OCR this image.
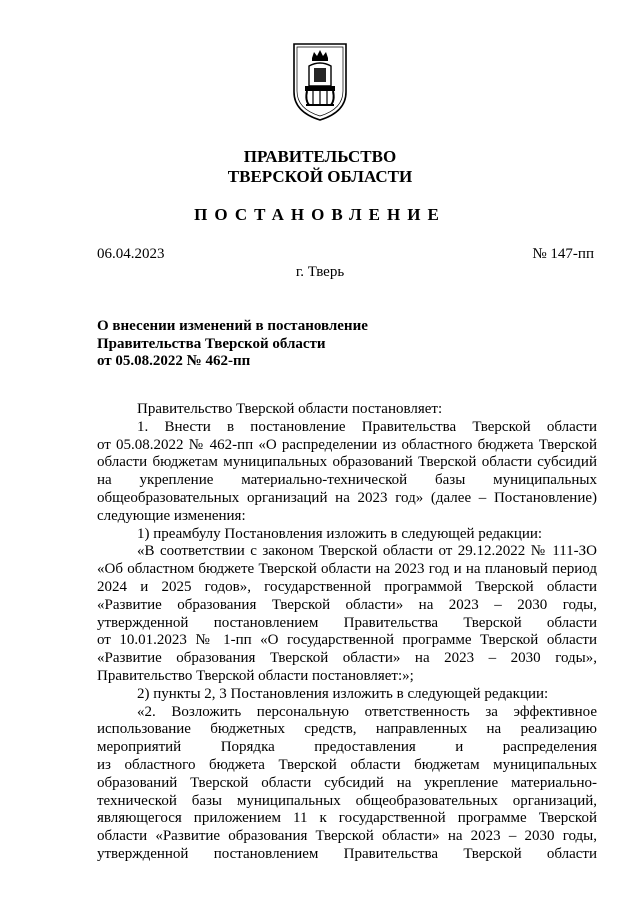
ПРАВИТЕЛЬСТВО
ТВЕРСКОЙ ОБЛАСТИ
ПОСТАНОВЛЕНИЕ
06.04.2023	№ 147-пп
г. Тверь
О внесении изменений в постановление
Правительства Тверской области
от 05.08.2022 № 462-пп
Правительство Тверской области постановляет:
1. Внести в постановление Правительства Тверской области
от 05.08.2022 № 462-пп «О распределении из областного бюджета Тверской
области бюджетам муниципальных образований Тверской области субсидий
на укрепление материально-технической базы муниципальных
общеобразовательных организаций на 2023 год» (далее – Постановление)
следующие изменения:
1) преамбулу Постановления изложить в следующей редакции:
«В соответствии с законом Тверской области от 29.12.2022 № 111-ЗО
«Об областном бюджете Тверской области на 2023 год и на плановый период
2024 и 2025 годов», государственной программой Тверской области
«Развитие образования Тверской области» на 2023 – 2030 годы,
утвержденной постановлением Правительства Тверской области
от 10.01.2023 № 1-пп «О государственной программе Тверской области
«Развитие образования Тверской области» на 2023 – 2030 годы»,
Правительство Тверской области постановляет:»;
2) пункты 2, 3 Постановления изложить в следующей редакции:
«2. Возложить персональную ответственность за эффективное
использование бюджетных средств, направленных на реализацию
мероприятий Порядка предоставления и распределения
из областного бюджета Тверской области бюджетам муниципальных
образований Тверской области субсидий на укрепление материально-
технической базы муниципальных общеобразовательных организаций,
являющегося приложением 11 к государственной программе Тверской
области «Развитие образования Тверской области» на 2023 – 2030 годы,
утвержденной постановлением Правительства Тверской области
